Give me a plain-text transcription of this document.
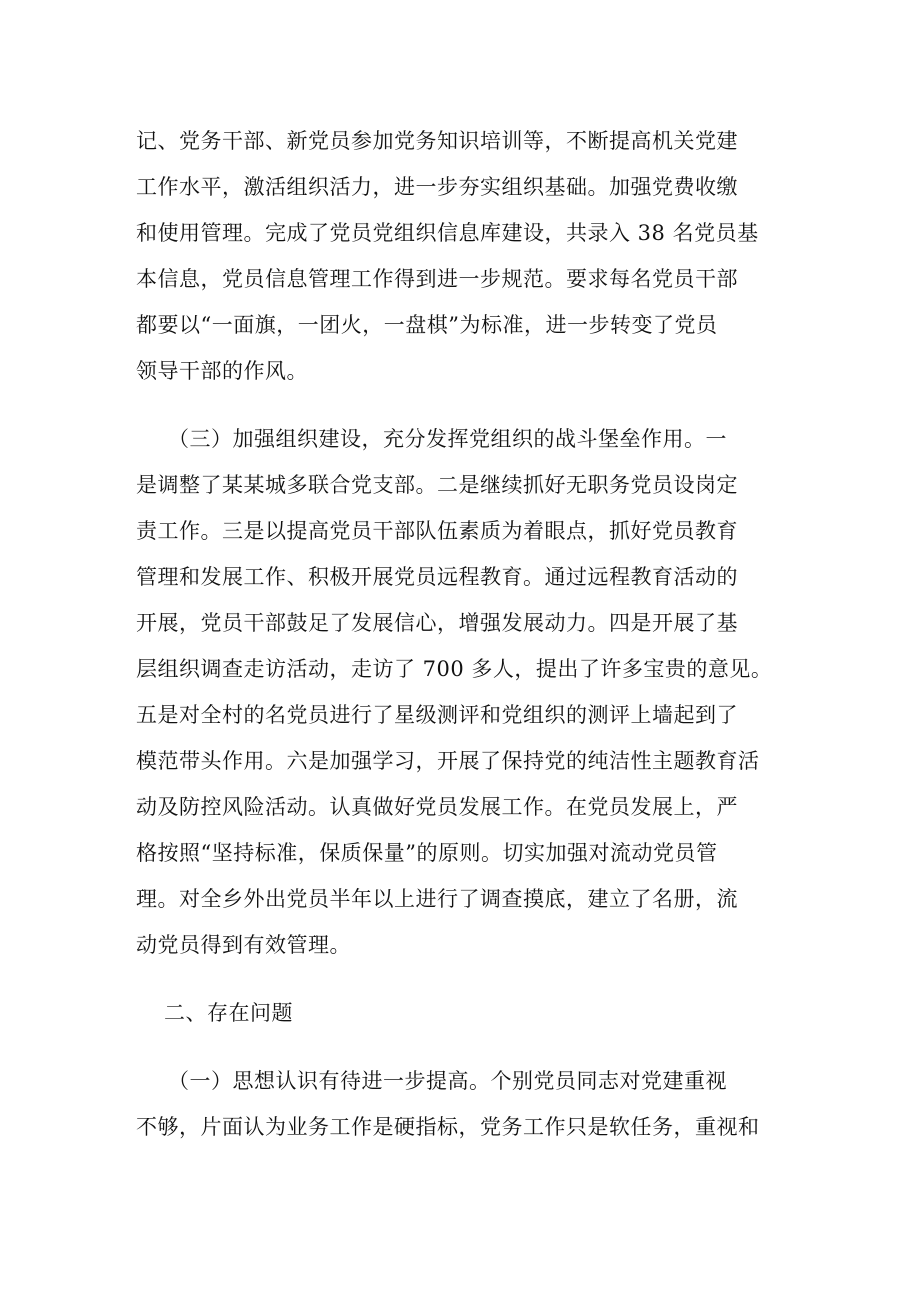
记、党务干部、新党员参加党务知识培训等，不断提高机关党建

工作水平，激活组织活力，进一步夯实组织基础。加强党费收缴

和使用管理。完成了党员党组织信息库建设，共录入 38 名党员基

本信息，党员信息管理工作得到进一步规范。要求每名党员干部

都要以“一面旗，一团火，一盘棋”为标准，进一步转变了党员

领导干部的作风。

（三）加强组织建设，充分发挥党组织的战斗堡垒作用。一

是调整了某某城多联合党支部。二是继续抓好无职务党员设岗定

责工作。三是以提高党员干部队伍素质为着眼点，抓好党员教育

管理和发展工作、积极开展党员远程教育。通过远程教育活动的

开展，党员干部鼓足了发展信心，增强发展动力。四是开展了基

层组织调查走访活动，走访了 700 多人，提出了许多宝贵的意见。

五是对全村的名党员进行了星级测评和党组织的测评上墙起到了

模范带头作用。六是加强学习，开展了保持党的纯洁性主题教育活

动及防控风险活动。认真做好党员发展工作。在党员发展上，严

格按照“坚持标准，保质保量”的原则。切实加强对流动党员管

理。对全乡外出党员半年以上进行了调查摸底，建立了名册，流

动党员得到有效管理。

二、存在问题

（一）思想认识有待进一步提高。个别党员同志对党建重视

不够，片面认为业务工作是硬指标，党务工作只是软任务，重视和
